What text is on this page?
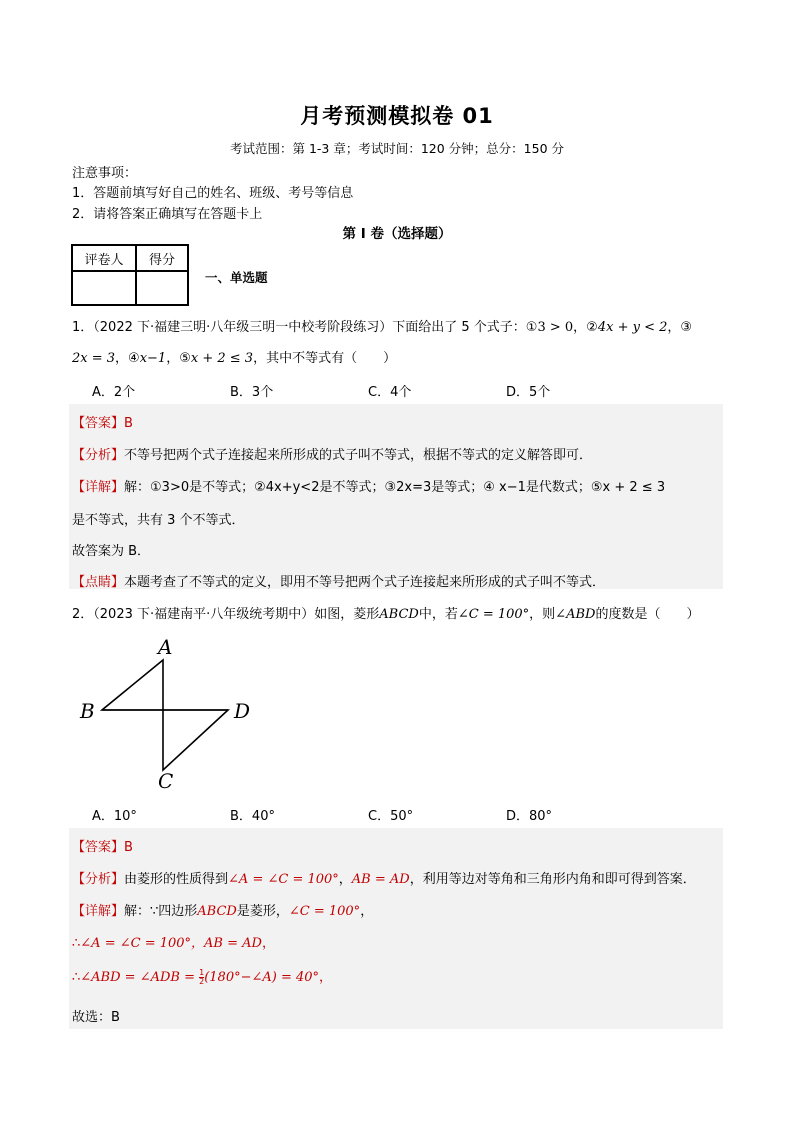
月考预测模拟卷 01
考试范围：第 1-3 章；考试时间：120 分钟；总分：150 分
注意事项：
1．答题前填写好自己的姓名、班级、考号等信息
2．请将答案正确填写在答题卡上
第 I 卷（选择题）
评卷人	得分

一、单选题
1．（2022 下·福建三明·八年级三明一中校考阶段练习）下面给出了 5 个式子：①3 > 0，②4x + y < 2，③
2x = 3，④x−1，⑤x + 2 ≤ 3，其中不等式有（　　）
A．2个	B．3个	C．4个	D．5个
【答案】B
【分析】不等号把两个式子连接起来所形成的式子叫不等式，根据不等式的定义解答即可．
【详解】解：①3>0是不等式；②4x+y<2是不等式；③2x=3是等式；④ x−1是代数式；⑤x + 2 ≤ 3
是不等式，共有 3 个不等式．
故答案为 B．
【点睛】本题考查了不等式的定义，即用不等号把两个式子连接起来所形成的式子叫不等式．
2．（2023 下·福建南平·八年级统考期中）如图，菱形ABCD中，若∠C = 100°，则∠ABD的度数是（　　）
A
B	D
C
A．10°	B．40°	C．50°	D．80°
【答案】B
【分析】由菱形的性质得到∠A = ∠C = 100°，AB = AD，利用等边对等角和三角形内角和即可得到答案．
【详解】解：∵四边形ABCD是菱形，∠C = 100°，
∴∠A = ∠C = 100°，AB = AD，
∴∠ABD = ∠ADB = $\frac{1}{2}$ (180°−∠A) = 40°，
故选：B
